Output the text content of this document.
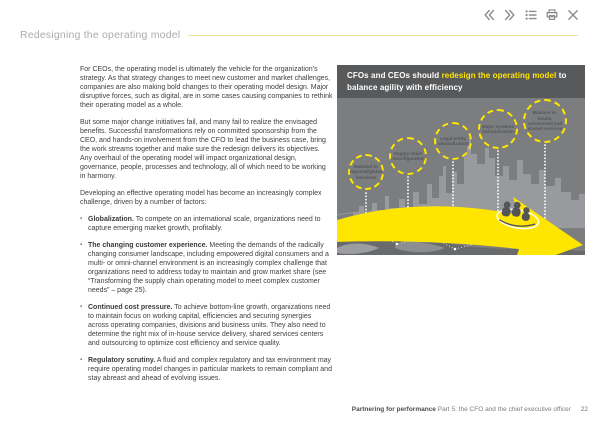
Redesigning the operating model

For CEOs, the operating model is ultimately the vehicle for the organization’s strategy. As that strategy changes to meet new customer and market challenges, companies are also making bold changes to their operating model design. Major disruptive forces, such as digital, are in some cases causing companies to rethink their operating model as a whole.

But some major change initiatives fail, and many fail to realize the envisaged benefits. Successful transformations rely on committed sponsorship from the CEO, and hands-on involvement from the CFO to lead the business case, bring the work streams together and make sure the redesign delivers its objectives. Any overhaul of the operating model will impact organizational design, governance, people, processes and technology, all of which need to be working in harmony.

Developing an effective operating model has become an increasingly complex challenge, driven by a number of factors:

▪ Globalization. To compete on an international scale, organizations need to capture emerging market growth, profitably.
▪ The changing customer experience. Meeting the demands of the radically changing consumer landscape, including empowered digital consumers and a multi- or omni-channel environment is an increasingly complex challenge that organizations need to address today to maintain and grow market share (see “Transforming the supply chain operating model to meet complex customer needs” – page 25).
▪ Continued cost pressure. To achieve bottom-line growth, organizations need to maintain focus on working capital, efficiencies and securing synergies across operating companies, divisions and business units. They also need to determine the right mix of in-house service delivery, shared services centers and outsourcing to optimize cost efficiency and service quality.
▪ Regulatory scrutiny. A fluid and complex regulatory and tax environment may require operating model changes in particular markets to remain compliant and stay abreast and ahead of evolving issues.
CFOs and CEOs should redesign the operating model to balance agility with efficiency
National to regional/global functions
Supply chain reconfiguration
Legal entity rationalization
Major systems harmonization
Balance in-house, outsourced and shared services
Partnering for performance Part 5: the CFO and the chief executive officer 22
